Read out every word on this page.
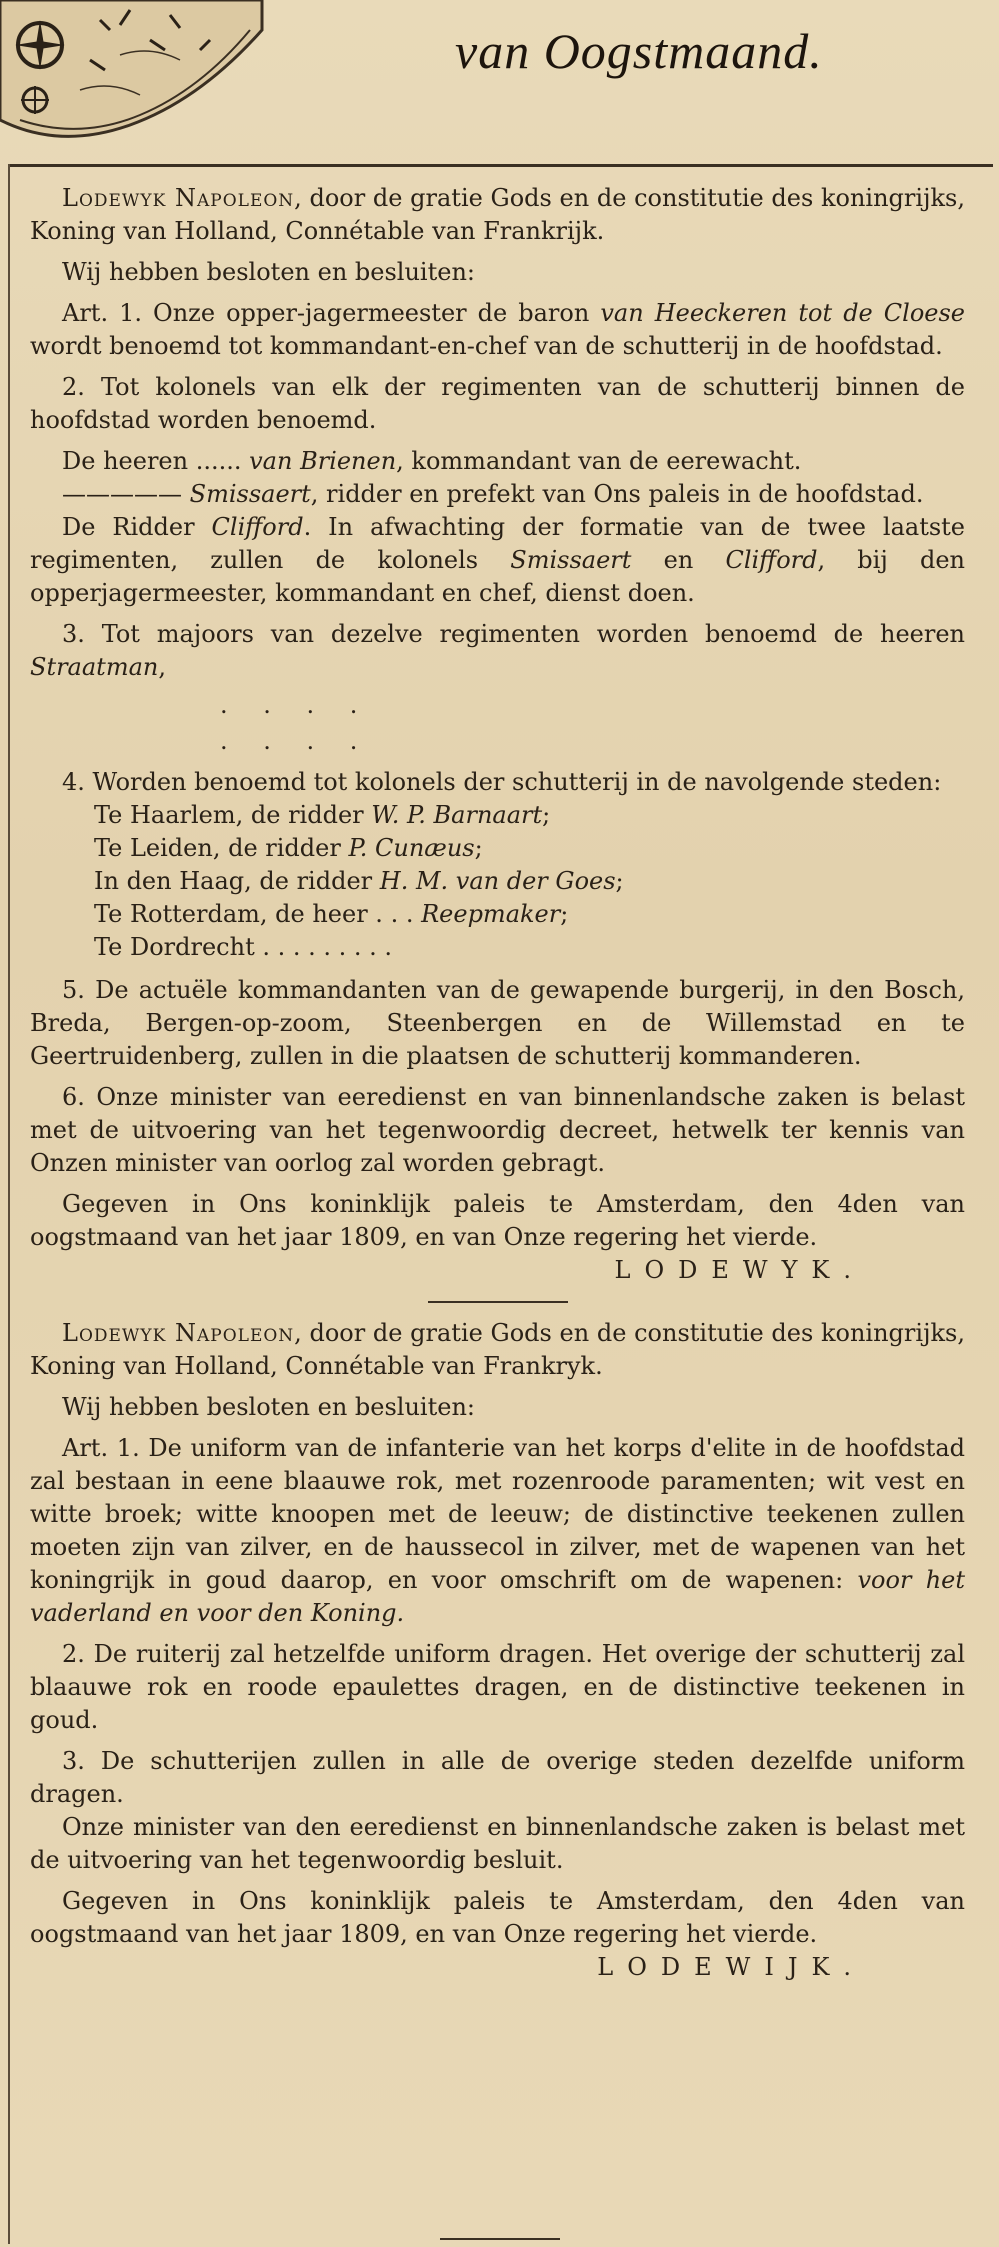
van Oogstmaand.

Lodewyk Napoleon, door de gratie Gods en de constitutie des koningrijks, Koning van Holland, Connétable van Frankrijk.

Wij hebben besloten en besluiten:

Art. 1. Onze opper-jagermeester de baron van Heeckeren tot de Cloese wordt benoemd tot kommandant-en-chef van de schutterij in de hoofdstad.

2. Tot kolonels van elk der regimenten van de schutterij binnen de hoofdstad worden benoemd.

De heeren ...... van Brienen, kommandant van de eerewacht.

————— Smissaert, ridder en prefekt van Ons paleis in de hoofdstad.

De Ridder Clifford. In afwachting der formatie van de twee laatste regimenten, zullen de kolonels Smissaert en Clifford, bij den opperjagermeester, kommandant en chef, dienst doen.

3. Tot majoors van dezelve regimenten worden benoemd de heeren Straatman,

. . . .

. . . .

4. Worden benoemd tot kolonels der schutterij in de navolgende steden:

Te Haarlem, de ridder W. P. Barnaart;

Te Leiden, de ridder P. Cunæus;

In den Haag, de ridder H. M. van der Goes;

Te Rotterdam, de heer . . . Reepmaker;

Te Dordrecht . . . . . . . . .

5. De actuële kommandanten van de gewapende burgerij, in den Bosch, Breda, Bergen-op-zoom, Steenbergen en de Willemstad en te Geertruidenberg, zullen in die plaatsen de schutterij kommanderen.

6. Onze minister van eeredienst en van binnenlandsche zaken is belast met de uitvoering van het tegenwoordig decreet, hetwelk ter kennis van Onzen minister van oorlog zal worden gebragt.

Gegeven in Ons koninklijk paleis te Amsterdam, den 4den van oogstmaand van het jaar 1809, en van Onze regering het vierde.

LODEWYK.

Lodewyk Napoleon, door de gratie Gods en de constitutie des koningrijks, Koning van Holland, Connétable van Frankryk.

Wij hebben besloten en besluiten:

Art. 1. De uniform van de infanterie van het korps d'elite in de hoofdstad zal bestaan in eene blaauwe rok, met rozenroode paramenten; wit vest en witte broek; witte knoopen met de leeuw; de distinctive teekenen zullen moeten zijn van zilver, en de haussecol in zilver, met de wapenen van het koningrijk in goud daarop, en voor omschrift om de wapenen: voor het vaderland en voor den Koning.

2. De ruiterij zal hetzelfde uniform dragen. Het overige der schutterij zal blaauwe rok en roode epaulettes dragen, en de distinctive teekenen in goud.

3. De schutterijen zullen in alle de overige steden dezelfde uniform dragen.

Onze minister van den eeredienst en binnenlandsche zaken is belast met de uitvoering van het tegenwoordig besluit.

Gegeven in Ons koninklijk paleis te Amsterdam, den 4den van oogstmaand van het jaar 1809, en van Onze regering het vierde.

LODEWIJK.
